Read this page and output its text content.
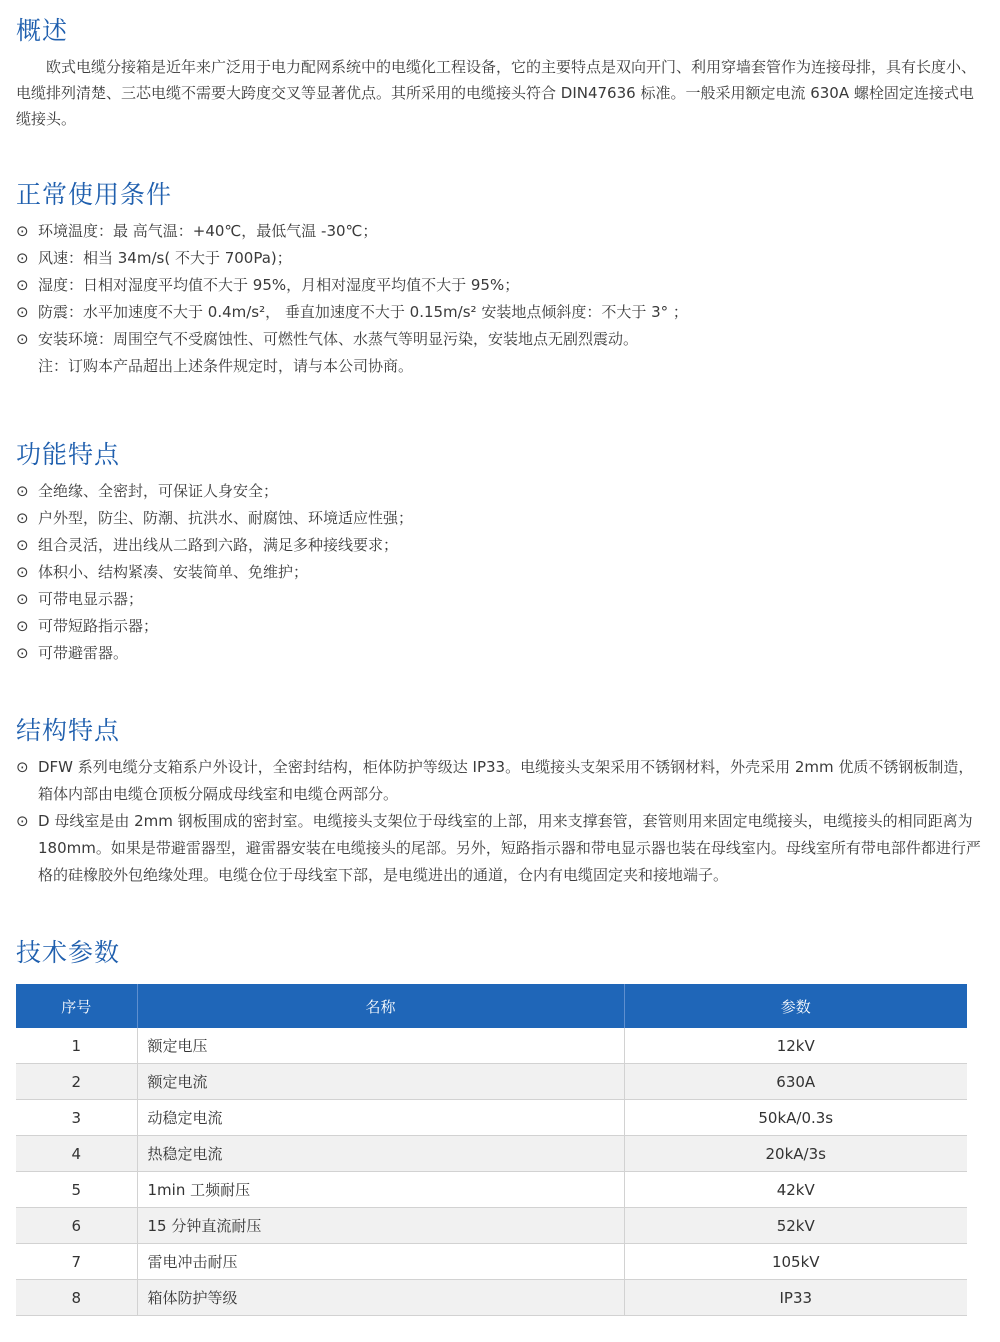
概述

欧式电缆分接箱是近年来广泛用于电力配网系统中的电缆化工程设备，它的主要特点是双向开门、利用穿墙套管作为连接母排，具有长度小、电缆排列清楚、三芯电缆不需要大跨度交叉等显著优点。其所采用的电缆接头符合 DIN47636 标准。一般采用额定电流 630A 螺栓固定连接式电缆接头。

正常使用条件
⊙ 环境温度：最 高气温：+40℃，最低气温 -30℃；
⊙ 风速：相当 34m/s( 不大于 700Pa)；
⊙ 湿度：日相对湿度平均值不大于 95%，月相对湿度平均值不大于 95%；
⊙ 防震：水平加速度不大于 0.4m/s²， 垂直加速度不大于 0.15m/s² 安装地点倾斜度：不大于 3° ；
⊙ 安装环境：周围空气不受腐蚀性、可燃性气体、水蒸气等明显污染，安装地点无剧烈震动。

注：订购本产品超出上述条件规定时，请与本公司协商。

功能特点
⊙ 全绝缘、全密封，可保证人身安全；
⊙ 户外型，防尘、防潮、抗洪水、耐腐蚀、环境适应性强；
⊙ 组合灵活，进出线从二路到六路，满足多种接线要求；
⊙ 体积小、结构紧凑、安装简单、免维护；
⊙ 可带电显示器；
⊙ 可带短路指示器；
⊙ 可带避雷器。
结构特点
⊙ DFW 系列电缆分支箱系户外设计，全密封结构，柜体防护等级达 IP33。电缆接头支架采用不锈钢材料，外壳采用 2mm 优质不锈钢板制造，箱体内部由电缆仓顶板分隔成母线室和电缆仓两部分。
⊙ D 母线室是由 2mm 钢板围成的密封室。电缆接头支架位于母线室的上部，用来支撑套管，套管则用来固定电缆接头，电缆接头的相同距离为 180mm。如果是带避雷器型，避雷器安装在电缆接头的尾部。另外，短路指示器和带电显示器也装在母线室内。母线室所有带电部件都进行严格的硅橡胶外包绝缘处理。电缆仓位于母线室下部，是电缆进出的通道，仓内有电缆固定夹和接地端子。
技术参数
序号	名称	参数
1	额定电压	12kV
2	额定电流	630A
3	动稳定电流	50kA/0.3s
4	热稳定电流	20kA/3s
5	1min 工频耐压	42kV
6	15 分钟直流耐压	52kV
7	雷电冲击耐压	105kV
8	箱体防护等级	IP33
